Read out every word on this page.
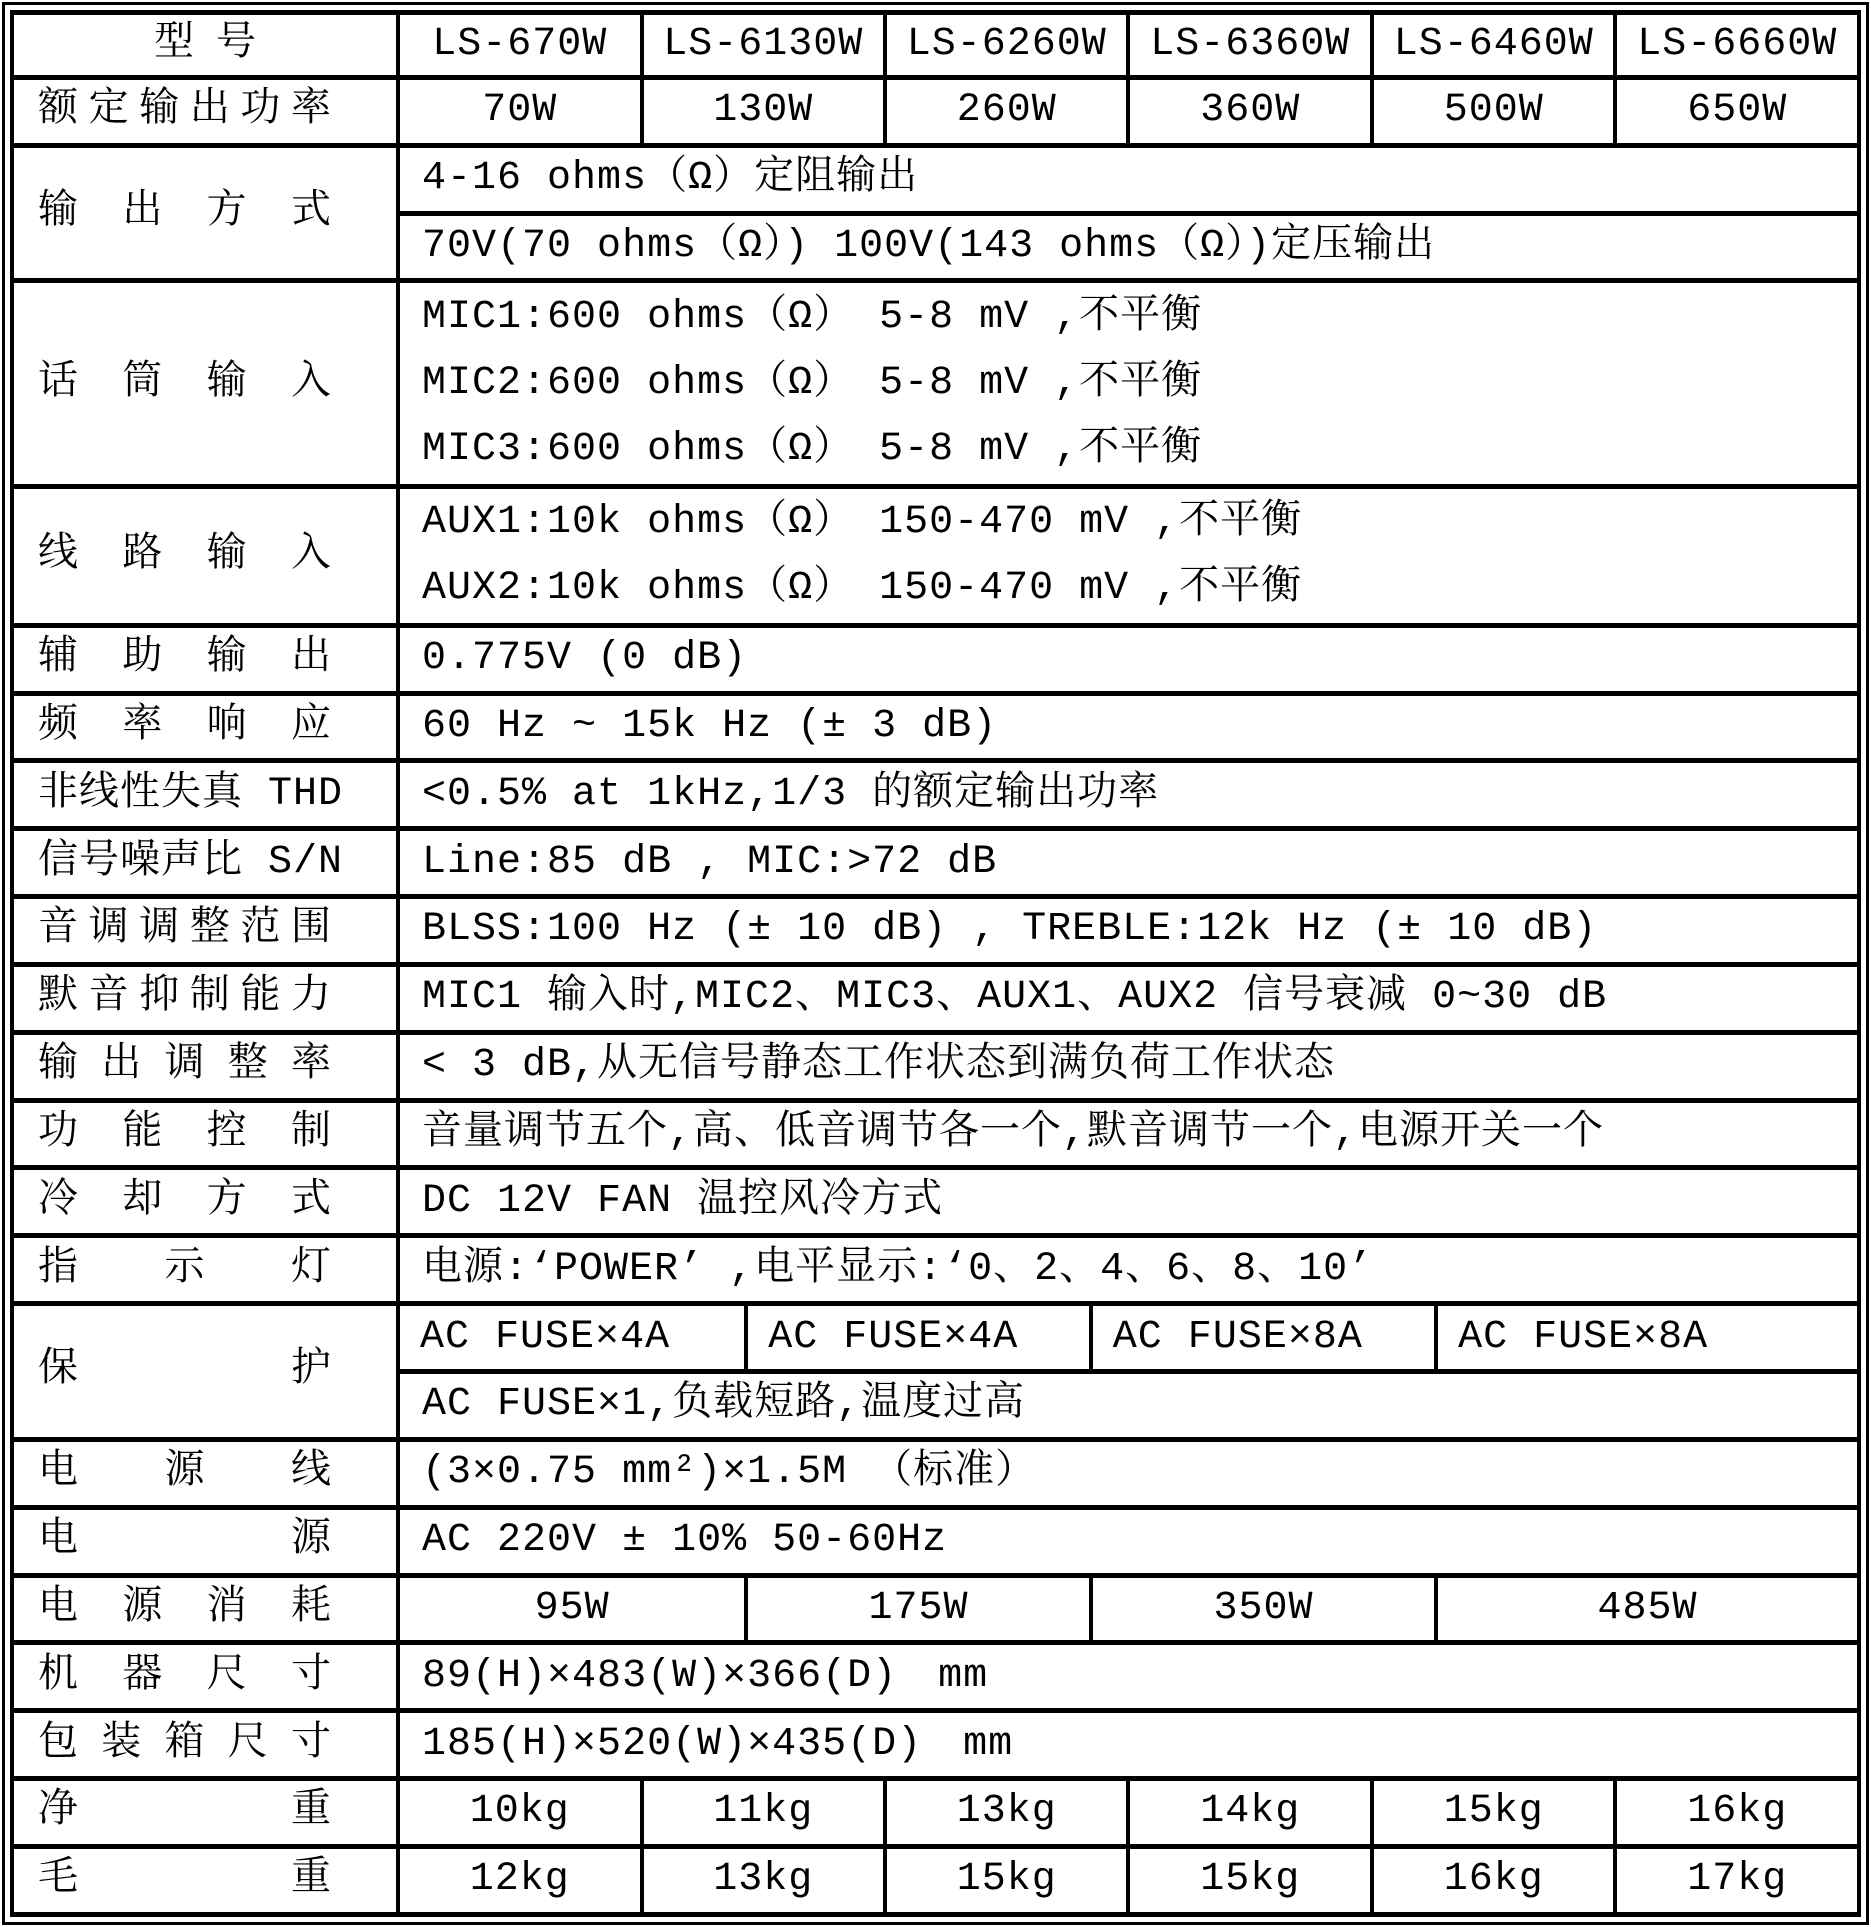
型号	LS-670W	LS-6130W	LS-6260W	LS-6360W	LS-6460W	LS-6660W
额定输出功率	70W	130W	260W	360W	500W	650W
输出方式	4-16 ohms（Ω）定阻输出					
	70V(70 ohms（Ω）) 100V(143 ohms（Ω）)定压输出					
话筒输入	MIC1:600 ohms（Ω） 5-8 mV ,不平衡
MIC2:600 ohms（Ω） 5-8 mV ,不平衡
MIC3:600 ohms（Ω） 5-8 mV ,不平衡					

线路输入	AUX1:10k ohms（Ω） 150-470 mV ,不平衡
AUX2:10k ohms（Ω） 150-470 mV ,不平衡					

辅助输出	0.775V (0 dB)					
频率响应	60 Hz ~ 15k Hz (± 3 dB)					
非线性失真 THD	<0.5% at 1kHz,1/3 的额定输出功率					
信号噪声比 S/N	Line:85 dB , MIC:>72 dB					
音调调整范围	BLSS:100 Hz (± 10 dB) , TREBLE:12k Hz (± 10 dB)					
默音抑制能力	MIC1 输入时,MIC2、MIC3、AUX1、AUX2 信号衰减 0~30 dB					
输出调整率	< 3 dB,从无信号静态工作状态到满负荷工作状态					
功能控制	音量调节五个,高、低音调节各一个,默音调节一个,电源开关一个					
冷却方式	DC 12V FAN 温控风冷方式					
指示灯	电源:‘POWER’ ,电平显示:‘0、2、4、6、8、10’					
保护	AC FUSE×4A AC FUSE×4A AC FUSE×8A AC FUSE×8A					

	AC FUSE×1,负载短路,温度过高					
电源线	(3×0.75 mm²)×1.5M （标准）					
电源	AC 220V ± 10% 50-60Hz					
电源消耗	95W 175W 350W 485W					

机器尺寸	89(H)×483(W)×366(D)　mm					
包装箱尺寸	185(H)×520(W)×435(D)　mm					
净重	10kg	11kg	13kg	14kg	15kg	16kg
毛重	12kg	13kg	15kg	15kg	16kg	17kg
